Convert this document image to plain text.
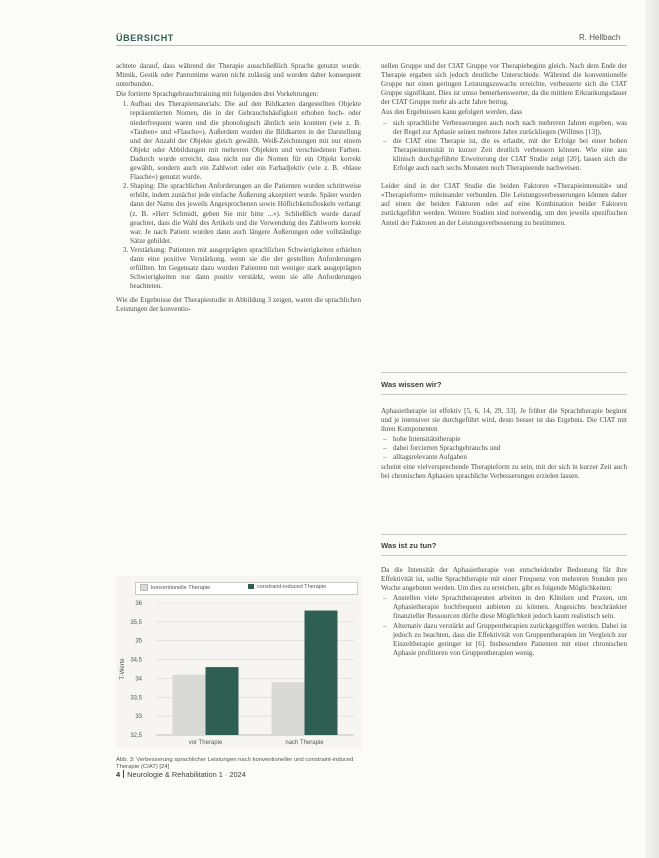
ÜBERSICHT	R. Hellbach

achtete darauf, dass während der Therapie ausschließlich Sprache genutzt wurde. Mimik, Gestik oder Pantomime waren nicht zulässig und wurden daher konsequent unterbunden.

Die fortierte Sprachgebrauchtraining mit folgenden drei Vorkehrungen:

1. Aufbau des Therapiematerials: Die auf den Bildkarten dargestellten Objekte repräsentierten Nomen, die in der Gebrauchshäufigkeit erhoben hoch- oder niederfrequent waren und die phonologisch ähnlich sein konnten (wie z. B. »Tauben« und »Flasche«). Außerdem wurden die Bildkarten in der Darstellung und der Anzahl der Objekte gleich gewählt. Weiß-Zeichnungen mit nur einem Objekt oder Abbildungen mit mehreren Objekten und verschiedenen Farben. Dadurch wurde erreicht, dass nicht nur die Nomen für ein Objekt korrekt gewählt, sondern auch ein Zahlwort oder ein Farbadjektiv (wie z. B. »blaue Flasche«) genutzt wurde.
2. Shaping: Die sprachlichen Anforderungen an die Patienten wurden schrittweise erhöht, indem zunächst jede einfache Äußerung akzeptiert wurde. Später wurden dann der Name des jeweils Angesprochenen sowie Höflichkeitsfloskeln verlangt (z. B. »Herr Schmidt, geben Sie mir bitte ...«). Schließlich wurde darauf geachtet, dass die Wahl des Artikels und die Verwendung des Zahlworts korrekt war. Je nach Patient wurden dann auch längere Äußerungen oder vollständige Sätze gebildet.
3. Verstärkung: Patienten mit ausgeprägten sprachlichen Schwierigkeiten erhielten dann eine positive Verstärkung, wenn sie die der gestellten Anforderungen erfüllten. Im Gegensatz dazu wurden Patienten mit weniger stark ausgeprägten Schwierigkeiten nur dann positiv verstärkt, wenn sie alle Anforderungen beachteten.

Wie die Ergebnisse der Therapiestudie in Abbildung 3 zeigen, waren die sprachlichen Leistungen der konventio-

konventionelle Therapie	constraint-induced Therapie
32,5
33
33,5
34
34,5
35
35,5
36
T-Werte
vor Therapie	nach Therapie
Abb. 3: Verbesserung sprachlicher Leistungen nach konventioneller und constraint-induced Therapie (CIAT) [24]

nellen Gruppe und der CIAT Gruppe vor Therapiebeginn gleich. Nach dem Ende der Therapie ergaben sich jedoch deutliche Unterschiede. Während die konventionelle Gruppe nur einen geringen Leistungszuwachs erreichte, verbesserte sich die CIAT Gruppe signifikant. Dies ist umso bemerkenswerter, da die mittlere Erkrankungsdauer der CIAT Gruppe mehr als acht Jahre betrug.

Aus den Ergebnissen kann gefolgert werden, dass

– sich sprachliche Verbesserungen auch noch nach mehreren Jahren ergeben, was der Regel zur Aphasie seinen mehrere Jahre zurückliegen (Willmes [13]),
– die CIAT eine Therapie ist, die es erlaubt, mit der Erfolge bei einer hohen Therapieintensität in kurzer Zeit deutlich verbessern können. Wie eine aus klinisch durchgeführte Erweiterung der CIAT Studie zeigt [20], lassen sich die Erfolge auch nach sechs Monaten noch Therapieende nachweisen.

Leider sind in der CIAT Studie die beiden Faktoren »Therapieintensität« und »Therapieform« miteinander verbunden. Die Leistungsverbesserungen können daher auf einen der beiden Faktoren oder auf eine Kombination beider Faktoren zurückgeführt werden. Weitere Studien sind notwendig, um den jeweils spezifischen Anteil der Faktoren an der Leistungsverbesserung zu bestimmen.

Was wissen wir?

Aphasietherapie ist effektiv [5, 6, 14, 29, 33]. Je früher die Sprachtherapie beginnt und je intensiver sie durchgeführt wird, desto besser ist das Ergebnis. Die CIAT mit ihren Komponenten

– hohe Intensitätstherapie
– dabei forcierten Sprachgebrauchs und
– alltagsrelevante Aufgaben

scheint eine vielversprechende Therapieform zu sein, mit der sich in kurzer Zeit auch bei chronischen Aphasien sprachliche Verbesserungen erzielen lassen.

Was ist zu tun?

Da die Intensität der Aphasietherapie von entscheidender Bedeutung für ihre Effektivität ist, sollte Sprachtherapie mit einer Frequenz von mehreren Stunden pro Woche angeboten werden. Um dies zu erreichen, gibt es folgende Möglichkeiten:

– Anstellen viele Sprachtherapeuten arbeiten in den Kliniken und Praxen, um Aphasietherapie hochfrequent anbieten zu können. Angesichts beschränkter finanzieller Ressourcen dürfte diese Möglichkeit jedoch kaum realistisch sein.
– Alternativ dazu verstärkt auf Gruppentherapien zurückgegriffen werden. Dabei ist jedoch zu beachten, dass die Effektivität von Gruppentherapien im Vergleich zur Einzeltherapie geringer ist [6]. Insbesondere Patienten mit einer chronischen Aphasie profitieren von Gruppentherapien wenig.
4 Neurologie & Rehabilitation 1 · 2024
